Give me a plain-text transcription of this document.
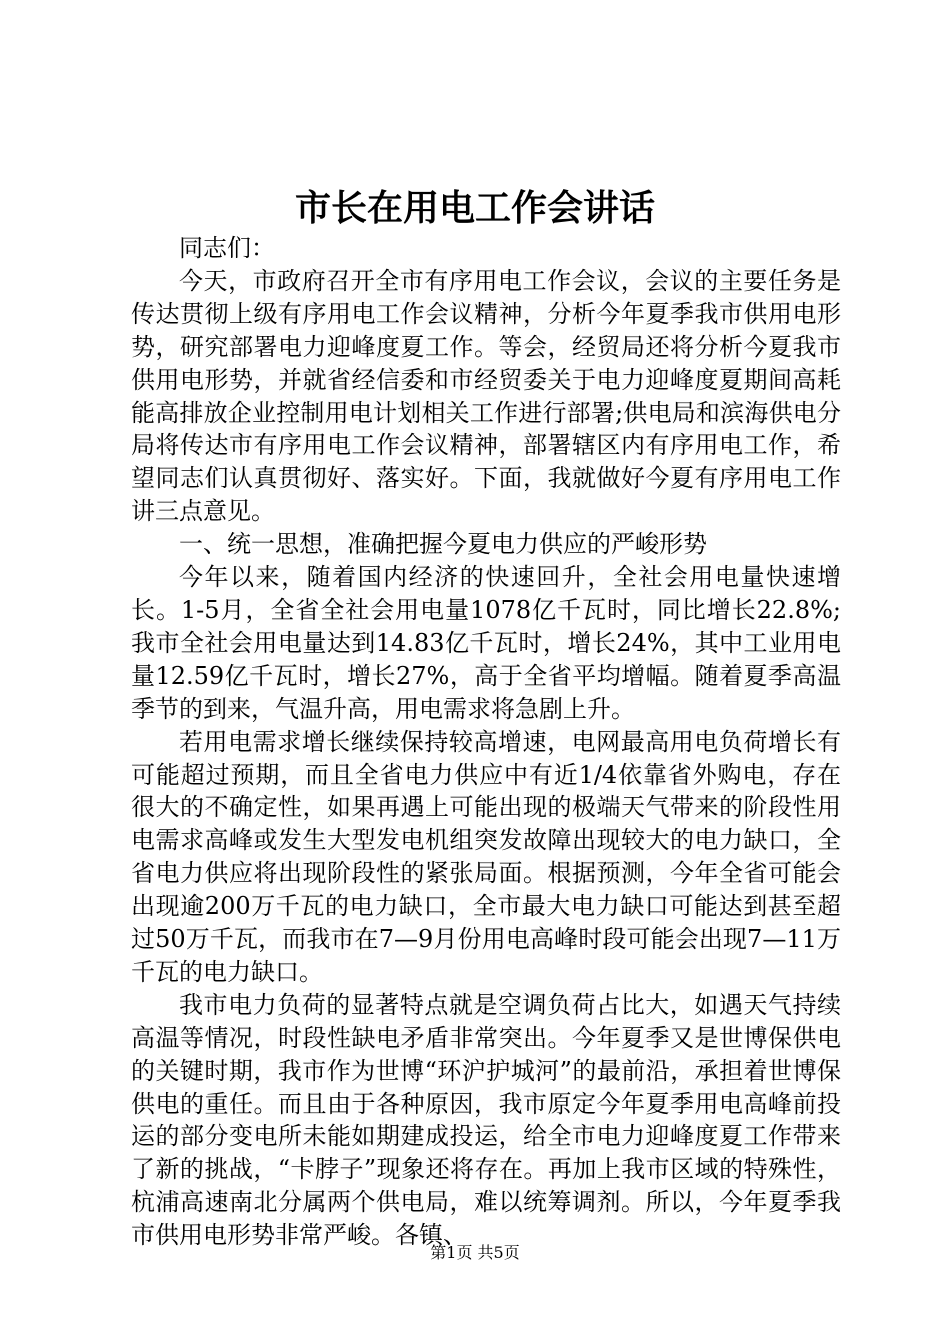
市长在用电工作会讲话

同志们：

今天，市政府召开全市有序用电工作会议，会议的主要任务是传达贯彻上级有序用电工作会议精神，分析今年夏季我市供用电形势，研究部署电力迎峰度夏工作。等会，经贸局还将分析今夏我市供用电形势，并就省经信委和市经贸委关于电力迎峰度夏期间高耗能高排放企业控制用电计划相关工作进行部署;供电局和滨海供电分局将传达市有序用电工作会议精神，部署辖区内有序用电工作，希望同志们认真贯彻好、落实好。下面，我就做好今夏有序用电工作讲三点意见。

一、统一思想，准确把握今夏电力供应的严峻形势

今年以来，随着国内经济的快速回升，全社会用电量快速增长。1-5月，全省全社会用电量1078亿千瓦时，同比增长22.8%;我市全社会用电量达到14.83亿千瓦时，增长24%，其中工业用电量12.59亿千瓦时，增长27%，高于全省平均增幅。随着夏季高温季节的到来，气温升高，用电需求将急剧上升。

若用电需求增长继续保持较高增速，电网最高用电负荷增长有可能超过预期，而且全省电力供应中有近1/4依靠省外购电，存在很大的不确定性，如果再遇上可能出现的极端天气带来的阶段性用电需求高峰或发生大型发电机组突发故障出现较大的电力缺口，全省电力供应将出现阶段性的紧张局面。根据预测，今年全省可能会出现逾200万千瓦的电力缺口，全市最大电力缺口可能达到甚至超过50万千瓦，而我市在7—9月份用电高峰时段可能会出现7—11万千瓦的电力缺口。

我市电力负荷的显著特点就是空调负荷占比大，如遇天气持续高温等情况，时段性缺电矛盾非常突出。今年夏季又是世博保供电的关键时期，我市作为世博“环沪护城河”的最前沿，承担着世博保供电的重任。而且由于各种原因，我市原定今年夏季用电高峰前投运的部分变电所未能如期建成投运，给全市电力迎峰度夏工作带来了新的挑战，“卡脖子”现象还将存在。再加上我市区域的特殊性，杭浦高速南北分属两个供电局，难以统筹调剂。所以，今年夏季我市供用电形势非常严峻。各镇、

第1页 共5页
